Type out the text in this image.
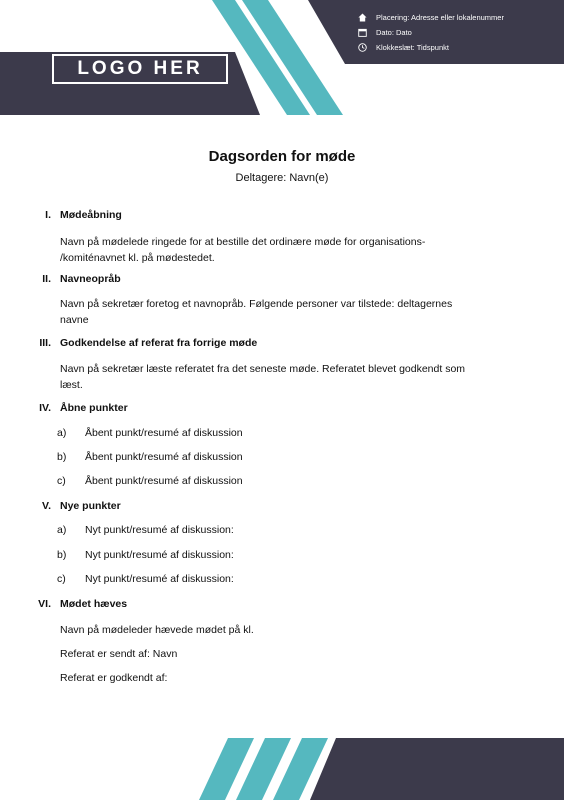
LOGO HER
Placering: Adresse eller lokalenummer
Dato: Dato
Klokkeslæt: Tidspunkt
Dagsorden for møde
Deltagere: Navn(e)
I. Mødeåbning
Navn på mødelede ringede for at bestille det ordinære møde for organisations-
/komiténavnet kl. på mødestedet.
II. Navneopråb
Navn på sekretær foretog et navnopråb. Følgende personer var tilstede: deltagernes
navne
III. Godkendelse af referat fra forrige møde
Navn på sekretær læste referatet fra det seneste møde. Referatet blevet godkendt som
læst.
IV. Åbne punkter
a) Åbent punkt/resumé af diskussion
b) Åbent punkt/resumé af diskussion
c) Åbent punkt/resumé af diskussion
V. Nye punkter
a) Nyt punkt/resumé af diskussion:
b) Nyt punkt/resumé af diskussion:
c) Nyt punkt/resumé af diskussion:
VI. Mødet hæves
Navn på mødeleder hævede mødet på kl.
Referat er sendt af: Navn
Referat er godkendt af:
